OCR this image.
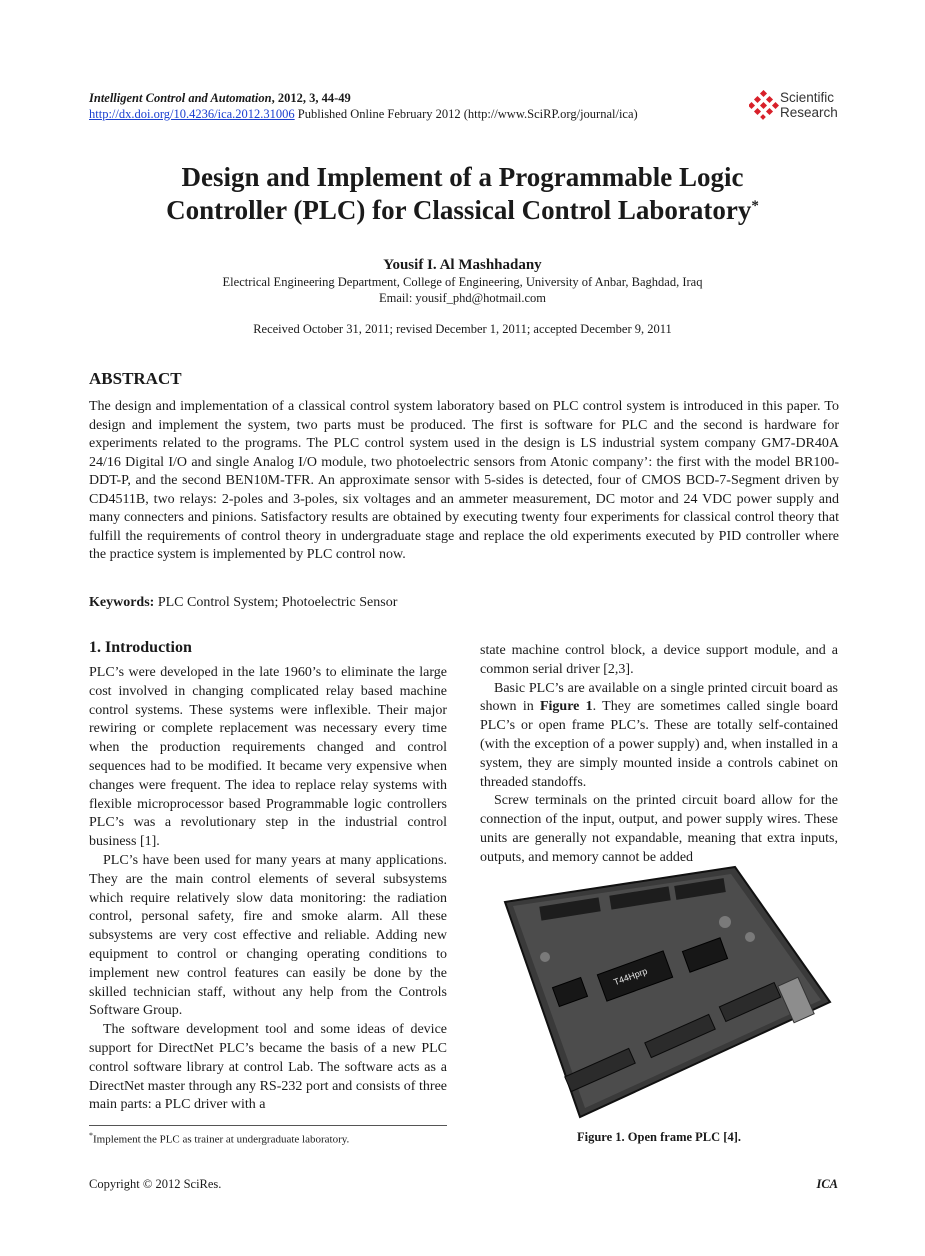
Intelligent Control and Automation, 2012, 3, 44-49
http://dx.doi.org/10.4236/ica.2012.31006 Published Online February 2012 (http://www.SciRP.org/journal/ica)
Scientific
Research
Design and Implement of a Programmable Logic
Controller (PLC) for Classical Control Laboratory*
Yousif I. Al Mashhadany
Electrical Engineering Department, College of Engineering, University of Anbar, Baghdad, Iraq
Email: yousif_phd@hotmail.com
Received October 31, 2011; revised December 1, 2011; accepted December 9, 2011
ABSTRACT

The design and implementation of a classical control system laboratory based on PLC control system is introduced in this paper. To design and implement the system, two parts must be produced. The first is software for PLC and the second is hardware for experiments related to the programs. The PLC control system used in the design is LS industrial system company GM7-DR40A 24/16 Digital I/O and single Analog I/O module, two photoelectric sensors from Atonic company’: the first with the model BR100-DDT-P, and the second BEN10M-TFR. An approximate sensor with 5-sides is detected, four of CMOS BCD-7-Segment driven by CD4511B, two relays: 2-poles and 3-poles, six voltages and an ammeter measurement, DC motor and 24 VDC power supply and many connecters and pinions. Satisfactory results are obtained by executing twenty four experiments for classical control theory that fulfill the requirements of control theory in undergraduate stage and replace the old experiments executed by PID controller where the practice system is implemented by PLC control now.

Keywords: PLC Control System; Photoelectric Sensor
1. Introduction

PLC’s were developed in the late 1960’s to eliminate the large cost involved in changing complicated relay based machine control systems. These systems were inflexible. Their major rewiring or complete replacement was necessary every time when the production requirements changed and control sequences had to be modified. It became very expensive when changes were frequent. The idea to replace relay systems with flexible microprocessor based Programmable logic controllers PLC’s was a revolutionary step in the industrial control business [1].

PLC’s have been used for many years at many applications. They are the main control elements of several subsystems which require relatively slow data monitoring: the radiation control, personal safety, fire and smoke alarm. All these subsystems are very cost effective and reliable. Adding new equipment to control or changing operating conditions to implement new control features can easily be done by the skilled technician staff, without any help from the Controls Software Group.

The software development tool and some ideas of device support for DirectNet PLC’s became the basis of a new PLC control software library at control Lab. The software acts as a DirectNet master through any RS-232 port and consists of three main parts: a PLC driver with a

state machine control block, a device support module, and a common serial driver [2,3].

Basic PLC’s are available on a single printed circuit board as shown in Figure 1. They are sometimes called single board PLC’s or open frame PLC’s. These are totally self-contained (with the exception of a power supply) and, when installed in a system, they are simply mounted inside a controls cabinet on threaded standoffs.

Screw terminals on the printed circuit board allow for the connection of the input, output, and power supply wires. These units are generally not expandable, meaning that extra inputs, outputs, and memory cannot be added

T44Hprp
Figure 1. Open frame PLC [4].
*Implement the PLC as trainer at undergraduate laboratory.
Copyright © 2012 SciRes.	ICA
